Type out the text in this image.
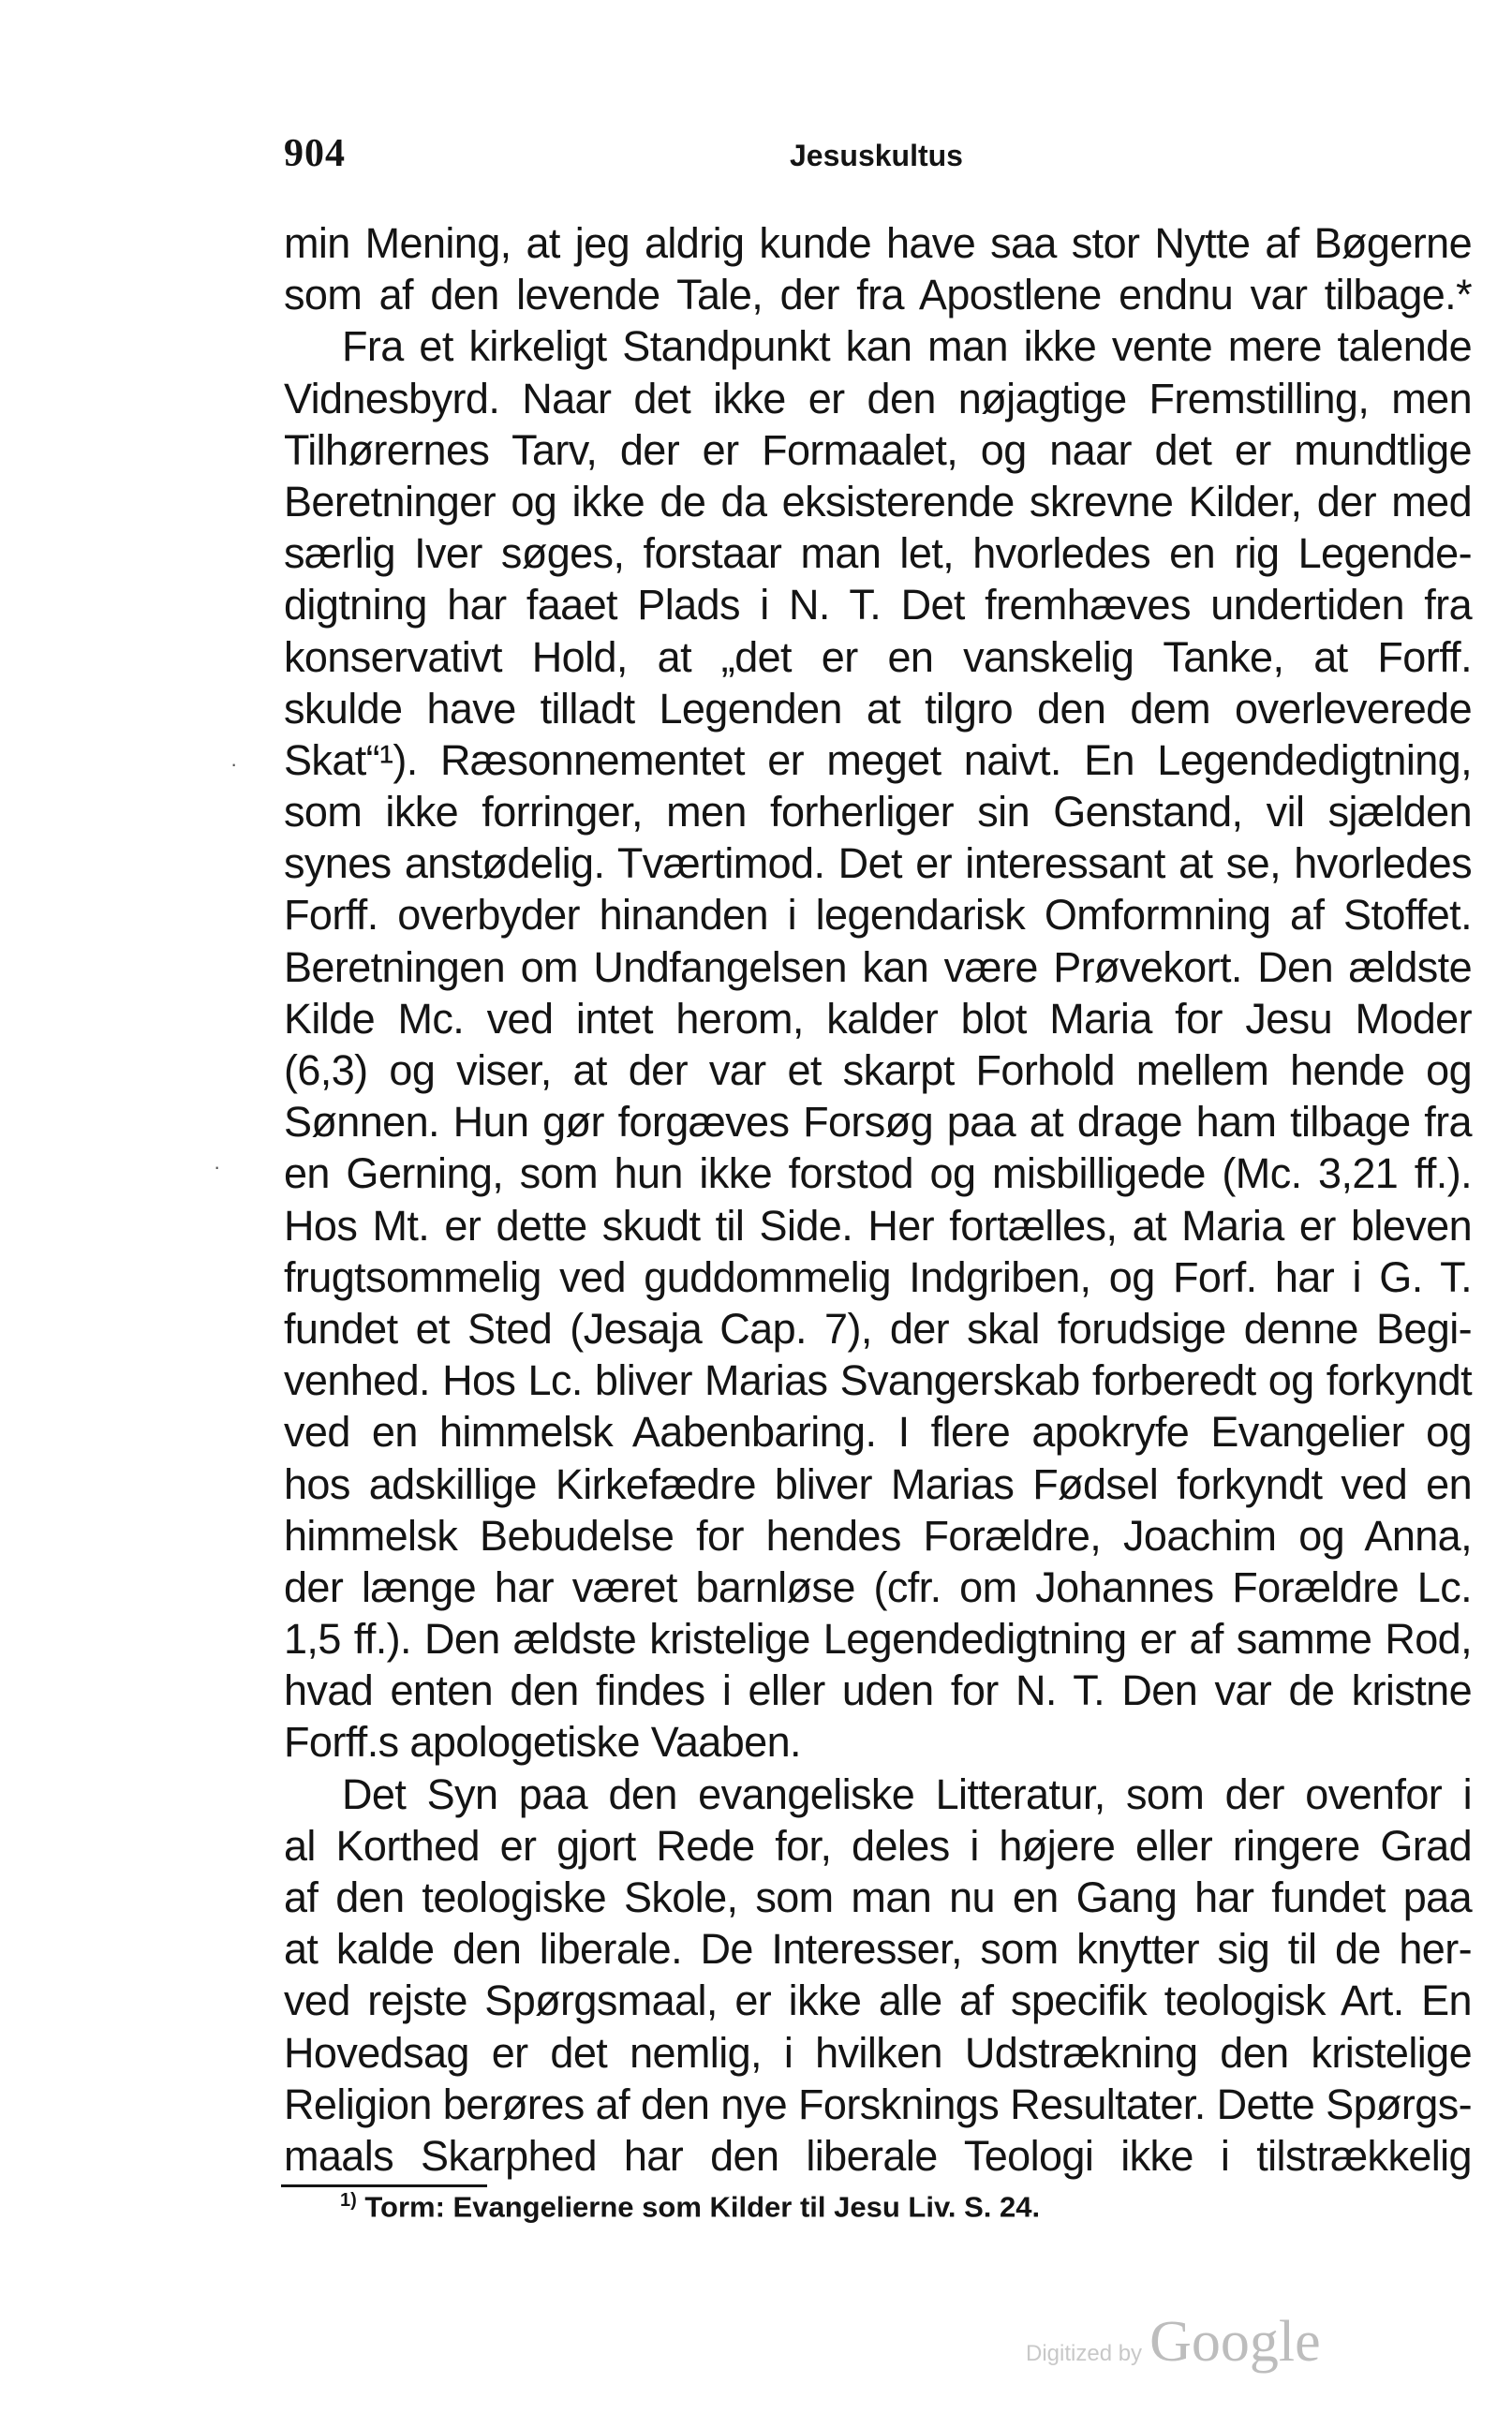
904	Jesuskultus
min Mening, at jeg aldrig kunde have saa stor Nytte af Bøgerne
som af den levende Tale, der fra Apostlene endnu var tilbage.*
Fra et kirkeligt Standpunkt kan man ikke vente mere talende
Vidnesbyrd. Naar det ikke er den nøjagtige Fremstilling, men
Tilhørernes Tarv, der er Formaalet, og naar det er mundtlige
Beretninger og ikke de da eksisterende skrevne Kilder, der med
særlig Iver søges, forstaar man let, hvorledes en rig Legende-
digtning har faaet Plads i N. T. Det fremhæves undertiden fra
konservativt Hold, at „det er en vanskelig Tanke, at Forff.
skulde have tilladt Legenden at tilgro den dem overleverede
Skat“¹). Ræsonnementet er meget naivt. En Legendedigtning,
som ikke forringer, men forherliger sin Genstand, vil sjælden
synes anstødelig. Tværtimod. Det er interessant at se, hvorledes
Forff. overbyder hinanden i legendarisk Omformning af Stoffet.
Beretningen om Undfangelsen kan være Prøvekort. Den ældste
Kilde Mc. ved intet herom, kalder blot Maria for Jesu Moder
(6,3) og viser, at der var et skarpt Forhold mellem hende og
Sønnen. Hun gør forgæves Forsøg paa at drage ham tilbage fra
en Gerning, som hun ikke forstod og misbilligede (Mc. 3,21 ff.).
Hos Mt. er dette skudt til Side. Her fortælles, at Maria er bleven
frugtsommelig ved guddommelig Indgriben, og Forf. har i G. T.
fundet et Sted (Jesaja Cap. 7), der skal forudsige denne Begi-
venhed. Hos Lc. bliver Marias Svangerskab forberedt og forkyndt
ved en himmelsk Aabenbaring. I flere apokryfe Evangelier og
hos adskillige Kirkefædre bliver Marias Fødsel forkyndt ved en
himmelsk Bebudelse for hendes Forældre, Joachim og Anna,
der længe har været barnløse (cfr. om Johannes Forældre Lc.
1,5 ff.). Den ældste kristelige Legendedigtning er af samme Rod,
hvad enten den findes i eller uden for N. T. Den var de kristne
Forff.s apologetiske Vaaben.
Det Syn paa den evangeliske Litteratur, som der ovenfor i
al Korthed er gjort Rede for, deles i højere eller ringere Grad
af den teologiske Skole, som man nu en Gang har fundet paa
at kalde den liberale. De Interesser, som knytter sig til de her-
ved rejste Spørgsmaal, er ikke alle af specifik teologisk Art. En
Hovedsag er det nemlig, i hvilken Udstrækning den kristelige
Religion berøres af den nye Forsknings Resultater. Dette Spørgs-
maals Skarphed har den liberale Teologi ikke i tilstrækkelig
$^{1)}$ Torm: Evangelierne som Kilder til Jesu Liv. S. 24.
·
·
Digitized by Google
